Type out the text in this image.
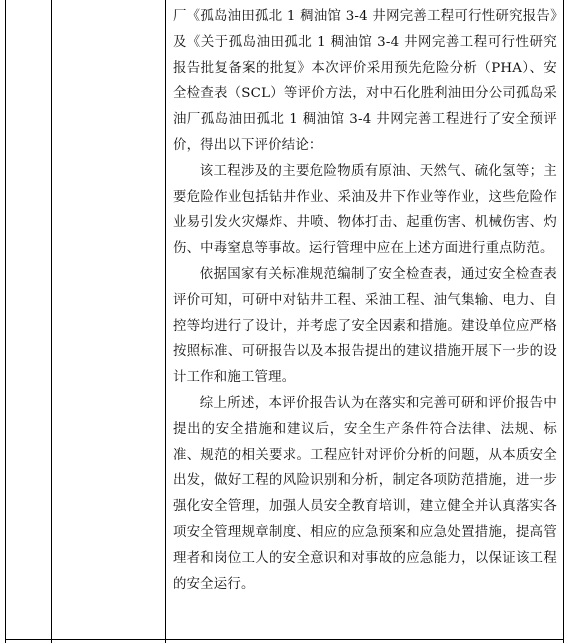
厂《孤岛油田孤北 1 稠油馆 3-4 井网完善工程可行性研究报告》及《关于孤岛油田孤北 1 稠油馆 3-4 井网完善工程可行性研究报告批复备案的批复》本次评价采用预先危险分析（PHA）、安全检查表（SCL）等评价方法，对中石化胜利油田分公司孤岛采油厂孤岛油田孤北 1 稠油馆 3-4 井网完善工程进行了安全预评价，得出以下评价结论：

该工程涉及的主要危险物质有原油、天然气、硫化氢等；主要危险作业包括钻井作业、采油及井下作业等作业，这些危险作业易引发火灾爆炸、井喷、物体打击、起重伤害、机械伤害、灼伤、中毒窒息等事故。运行管理中应在上述方面进行重点防范。

依据国家有关标准规范编制了安全检查表，通过安全检查表评价可知，可研中对钻井工程、采油工程、油气集输、电力、自控等均进行了设计，并考虑了安全因素和措施。建设单位应严格按照标准、可研报告以及本报告提出的建议措施开展下一步的设计工作和施工管理。

综上所述，本评价报告认为在落实和完善可研和评价报告中提出的安全措施和建议后，安全生产条件符合法律、法规、标准、规范的相关要求。工程应针对评价分析的问题，从本质安全出发，做好工程的风险识别和分析，制定各项防范措施，进一步强化安全管理，加强人员安全教育培训，建立健全并认真落实各项安全管理规章制度、相应的应急预案和应急处置措施，提高管理者和岗位工人的安全意识和对事故的应急能力，以保证该工程的安全运行。
